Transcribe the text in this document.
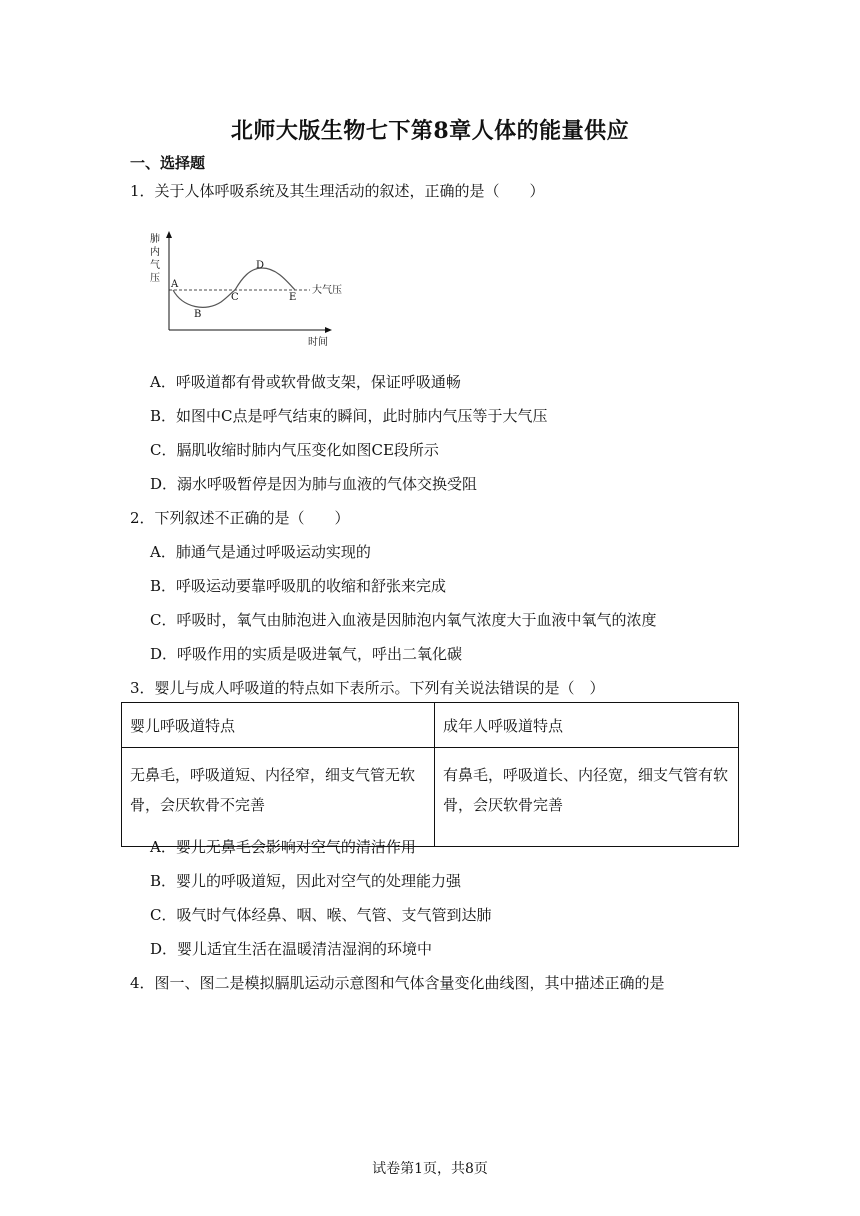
北师大版生物七下第8章人体的能量供应
一、选择题
1．关于人体呼吸系统及其生理活动的叙述，正确的是（　　）
肺
内
气
压
时间
大气压
A
B
C
D
E
A．呼吸道都有骨或软骨做支架，保证呼吸通畅
B．如图中C点是呼气结束的瞬间，此时肺内气压等于大气压
C．膈肌收缩时肺内气压变化如图CE段所示
D．溺水呼吸暂停是因为肺与血液的气体交换受阻
2．下列叙述不正确的是（　　）
A．肺通气是通过呼吸运动实现的
B．呼吸运动要靠呼吸肌的收缩和舒张来完成
C．呼吸时，氧气由肺泡进入血液是因肺泡内氧气浓度大于血液中氧气的浓度
D．呼吸作用的实质是吸进氧气，呼出二氧化碳
3．婴儿与成人呼吸道的特点如下表所示。下列有关说法错误的是（　）
婴儿呼吸道特点	成年人呼吸道特点
无鼻毛，呼吸道短、内径窄，细支气管无软骨，会厌软骨不完善	有鼻毛，呼吸道长、内径宽，细支气管有软骨，会厌软骨完善
A．婴儿无鼻毛会影响对空气的清洁作用
B．婴儿的呼吸道短，因此对空气的处理能力强
C．吸气时气体经鼻、咽、喉、气管、支气管到达肺
D．婴儿适宜生活在温暖清洁湿润的环境中
4．图一、图二是模拟膈肌运动示意图和气体含量变化曲线图，其中描述正确的是
试卷第1页，共8页
